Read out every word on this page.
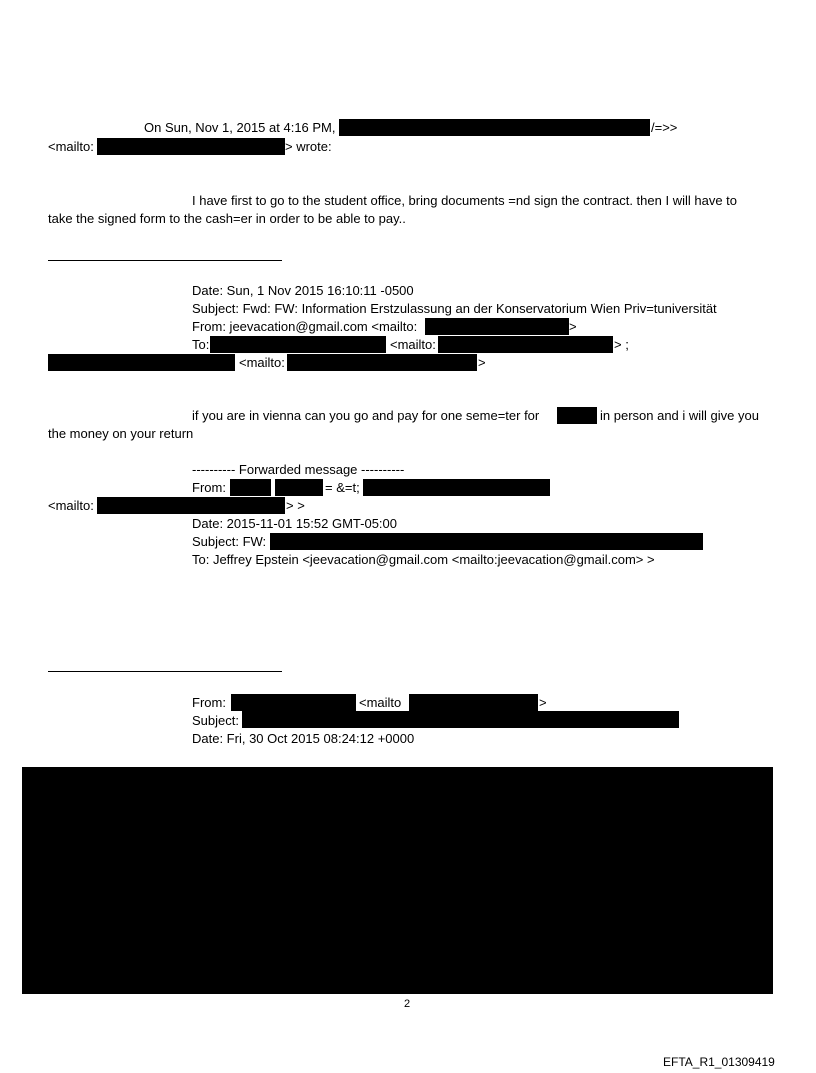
On Sun, Nov 1, 2015 at 4:16 PM,	/=>>
<mailto:	> wrote:
I have first to go to the student office, bring documents =nd sign the contract. then I will have to
take the signed form to the cash=er in order to be able to pay..
Date: Sun, 1 Nov 2015 16:10:11 -0500
Subject: Fwd: FW: Information Erstzulassung an der Konservatorium Wien Priv=tuniversität
From: jeevacation@gmail.com <mailto:	>
To:	<mailto:	> ;
<mailto:	>
if you are in vienna can you go and pay for one seme=ter for	in person and i will give you
the money on your return
---------- Forwarded message ----------
From:	= &=t;
<mailto:	> >
Date: 2015-11-01 15:52 GMT-05:00
Subject: FW:
To: Jeffrey Epstein <jeevacation@gmail.com <mailto:jeevacation@gmail.com> >
From:	<mailto	>
Subject:
Date: Fri, 30 Oct 2015 08:24:12 +0000
2
EFTA_R1_01309419
